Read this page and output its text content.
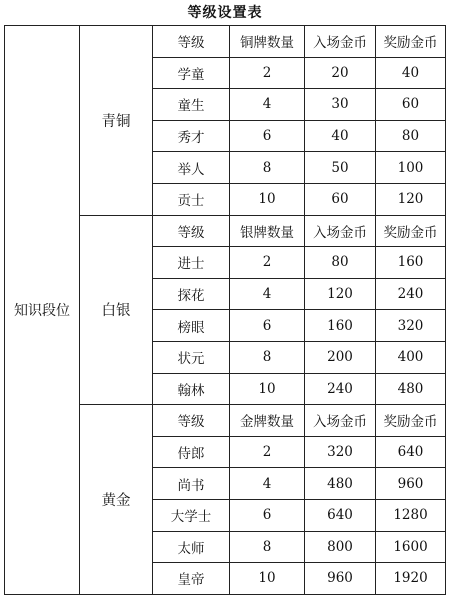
等级设置表
知识段位	青铜	等级	铜牌数量	入场金币	奖励金币
		学童	2	20	40
		童生	4	30	60
		秀才	6	40	80
		举人	8	50	100
		贡士	10	60	120
	白银	等级	银牌数量	入场金币	奖励金币
		进士	2	80	160
		探花	4	120	240
		榜眼	6	160	320
		状元	8	200	400
		翰林	10	240	480
	黄金	等级	金牌数量	入场金币	奖励金币
		侍郎	2	320	640
		尚书	4	480	960
		大学士	6	640	1280
		太师	8	800	1600
		皇帝	10	960	1920
